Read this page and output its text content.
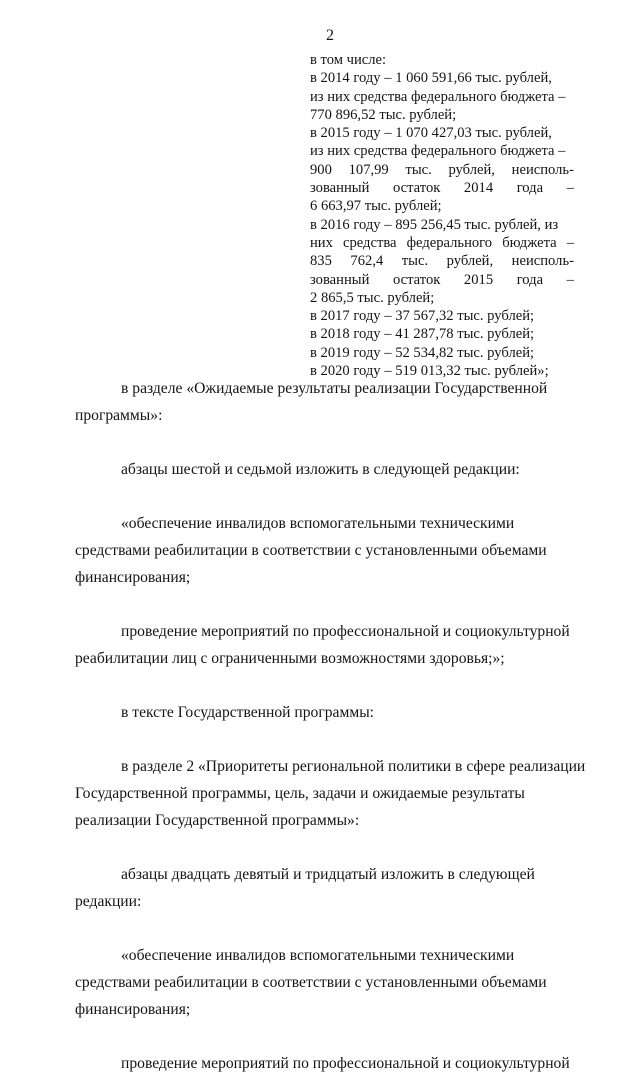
2
в том числе:
в 2014 году – 1 060 591,66 тыс. рублей,
из них средства федерального бюджета –
770 896,52 тыс. рублей;
в 2015 году – 1 070 427,03 тыс. рублей,
из них средства федерального бюджета –
900 107,99 тыс. рублей, неисполь-
зованный остаток 2014 года –
6 663,97 тыс. рублей;
в 2016 году – 895 256,45 тыс. рублей, из
них средства федерального бюджета –
835 762,4 тыс. рублей, неисполь-
зованный остаток 2015 года –
2 865,5 тыс. рублей;
в 2017 году – 37 567,32 тыс. рублей;
в 2018 году – 41 287,78 тыс. рублей;
в 2019 году – 52 534,82 тыс. рублей;
в 2020 году – 519 013,32 тыс. рублей»;
в разделе «Ожидаемые результаты реализации Государственной
программы»:
абзацы шестой и седьмой изложить в следующей редакции:
«обеспечение инвалидов вспомогательными техническими
средствами реабилитации в соответствии с установленными объемами
финансирования;
проведение мероприятий по профессиональной и социокультурной
реабилитации лиц с ограниченными возможностями здоровья;»;
в тексте Государственной программы:
в разделе 2 «Приоритеты региональной политики в сфере реализации
Государственной программы, цель, задачи и ожидаемые результаты
реализации Государственной программы»:
абзацы двадцать девятый и тридцатый изложить в следующей
редакции:
«обеспечение инвалидов вспомогательными техническими
средствами реабилитации в соответствии с установленными объемами
финансирования;
проведение мероприятий по профессиональной и социокультурной
